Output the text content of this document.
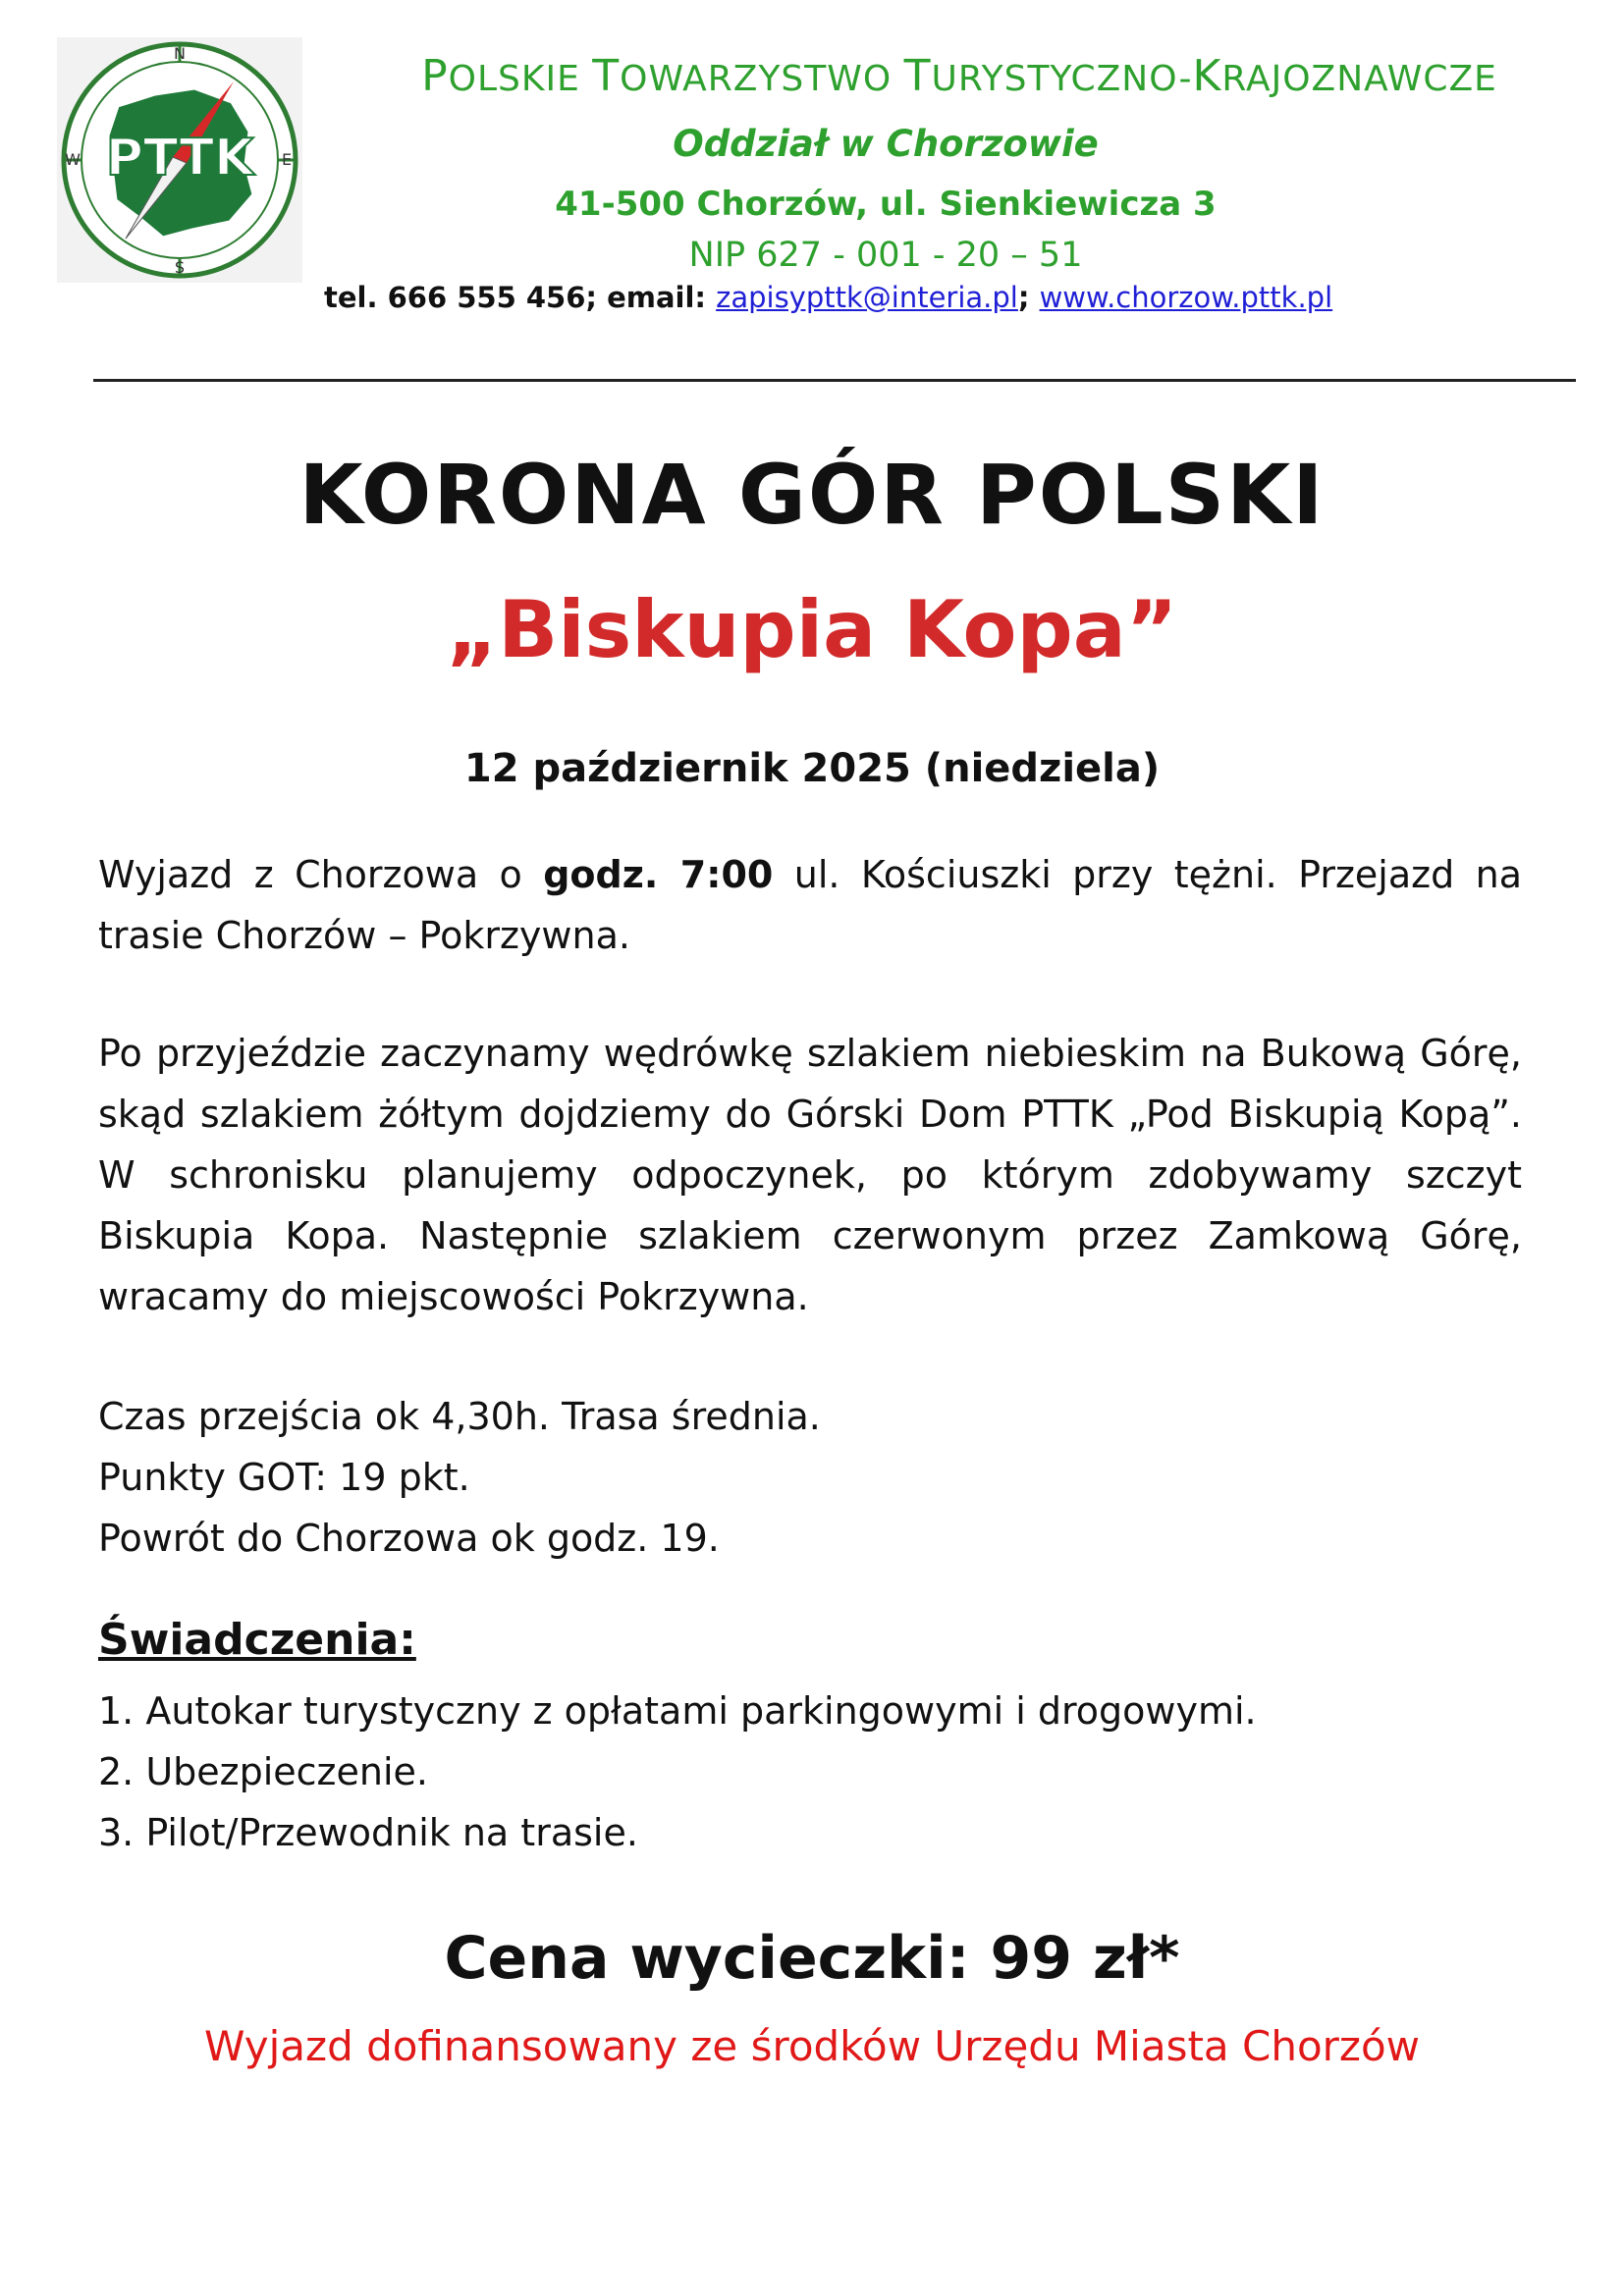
N
S
W	E
PTTK
POLSKIE TOWARZYSTWO TURYSTYCZNO-KRAJOZNAWCZE
Oddział w Chorzowie
41-500 Chorzów, ul. Sienkiewicza 3
NIP 627 - 001 - 20 – 51
tel. 666 555 456; email: zapisypttk@interia.pl; www.chorzow.pttk.pl
KORONA GÓR POLSKI
„Biskupia Kopa”
12 październik 2025 (niedziela)
Wyjazd z Chorzowa o godz. 7:00 ul. Kościuszki przy tężni. Przejazd na trasie Chorzów – Pokrzywna.
Po przyjeździe zaczynamy wędrówkę szlakiem niebieskim na Bukową Górę, skąd szlakiem żółtym dojdziemy do Górski Dom PTTK „Pod Biskupią Kopą”. W schronisku planujemy odpoczynek, po którym zdobywamy szczyt Biskupia Kopa. Następnie szlakiem czerwonym przez Zamkową Górę, wracamy do miejscowości Pokrzywna.
Czas przejścia ok 4,30h. Trasa średnia.
Punkty GOT: 19 pkt.
Powrót do Chorzowa ok godz. 19.
Świadczenia:
1. Autokar turystyczny z opłatami parkingowymi i drogowymi.
2. Ubezpieczenie.
3. Pilot/Przewodnik na trasie.
Cena wycieczki: 99 zł*
Wyjazd dofinansowany ze środków Urzędu Miasta Chorzów
